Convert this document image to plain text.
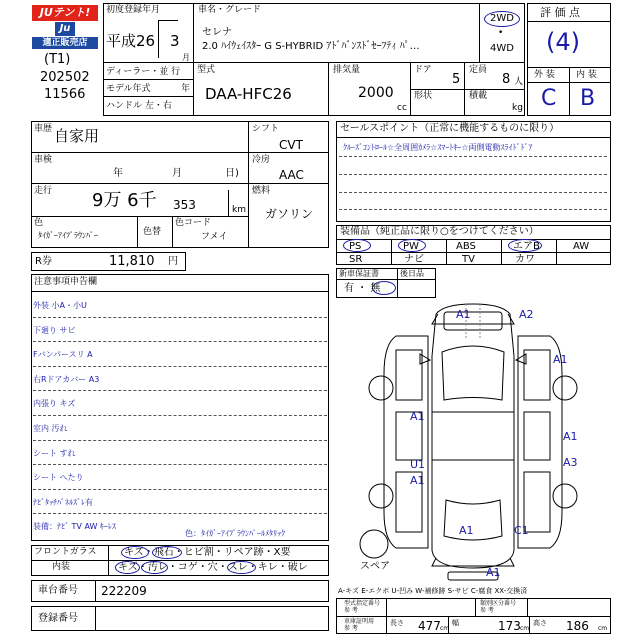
JUテント!
Ju
適正販売店
(T1)
202502
11566
初度登録年月
平成26 3
月
車名・グレード
セレナ
2.0 ﾊｲｳｪｲｽﾀｰ G S-HYBRID ｱﾄﾞﾊﾞﾝｽﾄﾞｾｰﾌﾃｨ ﾊﾟ…
2WD
•
4WD
評 価 点
(4)
外 装 内 装
C B
ディーラー・並 行
モデル年式	年
ハンドル 左・右
型式
DAA-HFC26
排気量
2000
cc
ドア
5
定員
8 人
形状	積載
kg
車歴 自家用
車検
年	月	日)
走行 9万 6千 353	km
色
ﾀｲｶﾞｰｱｲﾌﾟﾗｳﾝﾊﾟｰ	色替
色コード
フメイ
シフト
CVT
冷房
AAC
燃料
ガソリン
R券	11,810 円
セールスポイント（正常に機能するものに限り）
ｸﾙｰｽﾞｺﾝﾄﾛｰﾙ☆全周囲ｶﾒﾗ☆ｽﾏｰﾄｷｰ☆両側電動ｽﾗｲﾄﾞﾄﾞｱ
装備品（純正品に限り○をつけてください）
PS	PW	ABS	エアB	AW
SR	ナビ	TV	カワ
新車保証書	後日品
有 ・ 無
注意事項申告欄
外装 小A・小U
下廻り サビ
Fバンパースリ A
右Rドアカバー A3
内張り キズ
室内 汚れ
シート すれ
シート へたり
ﾅﾋﾞﾀｯﾁﾊﾟﾈﾙｽﾞﾚ有
装備：ﾅﾋﾞ TV AW ｷｰﾚｽ
色：ﾀｲｶﾞｰｱｲﾌﾟﾗｳﾝﾊﾟｰﾙﾒﾀﾘｯｸ
フロントガラス	キズ・飛石・ヒビ割・リペア跡・X要
内装	キズ・汚レ・コゲ・穴・スレ・キレ・破レ
車台番号 222209
登録番号
A1	A2
A1
A1
A1
U1	A3
A1
A1	C1
A1
スペア
A-キズ E-エクボ U-凹み W-補修跡 S-サビ C-腐食 XX-交換済
型式指定番号
参 考
類別区分番号
参 考
車庫証明用
参 考
長さ 477 cm
幅	173 cm
高さ 186 cm
